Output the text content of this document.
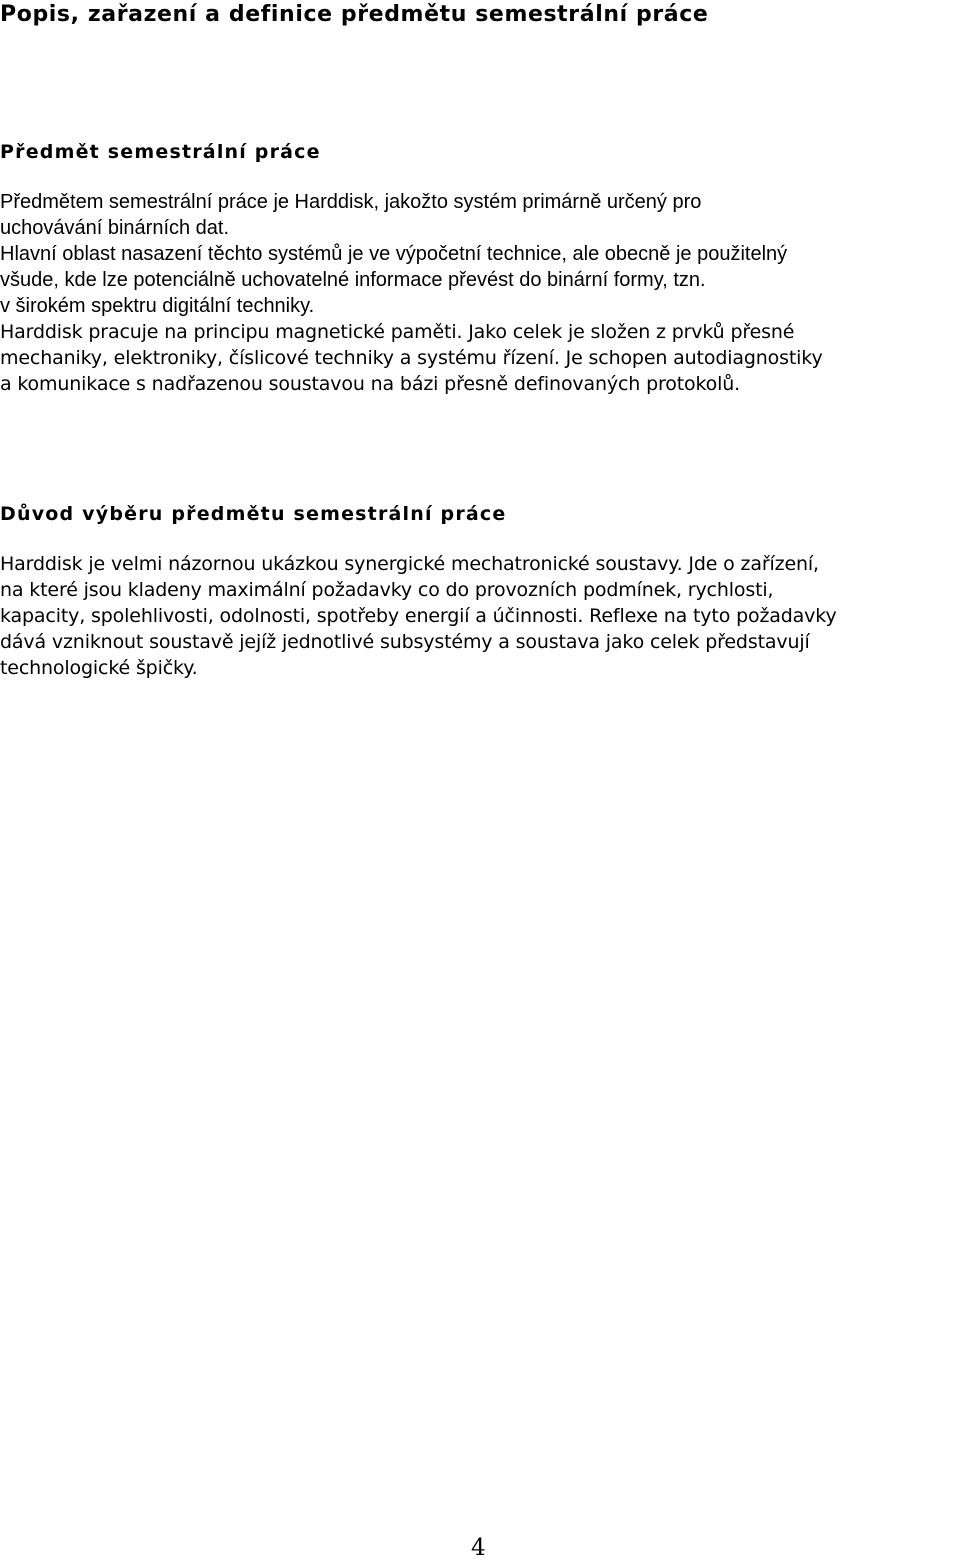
Popis, zařazení a definice předmětu semestrální práce
Předmět semestrální práce

Předmětem semestrální práce je Harddisk, jakožto systém primárně určený pro

uchovávání binárních dat.

Hlavní oblast nasazení těchto systémů je ve výpočetní technice, ale obecně je použitelný

všude, kde lze potenciálně uchovatelné informace převést do binární formy, tzn.

v širokém spektru digitální techniky.

Harddisk pracuje na principu magnetické paměti. Jako celek je složen z prvků přesné

mechaniky, elektroniky, číslicové techniky a systému řízení. Je schopen autodiagnostiky

a komunikace s nadřazenou soustavou na bázi přesně definovaných protokolů.

Důvod výběru předmětu semestrální práce

Harddisk je velmi názornou ukázkou synergické mechatronické soustavy. Jde o zařízení,

na které jsou kladeny maximální požadavky co do provozních podmínek, rychlosti,

kapacity, spolehlivosti, odolnosti, spotřeby energií a účinnosti. Reflexe na tyto požadavky

dává vzniknout soustavě jejíž jednotlivé subsystémy a soustava jako celek představují

technologické špičky.

4
